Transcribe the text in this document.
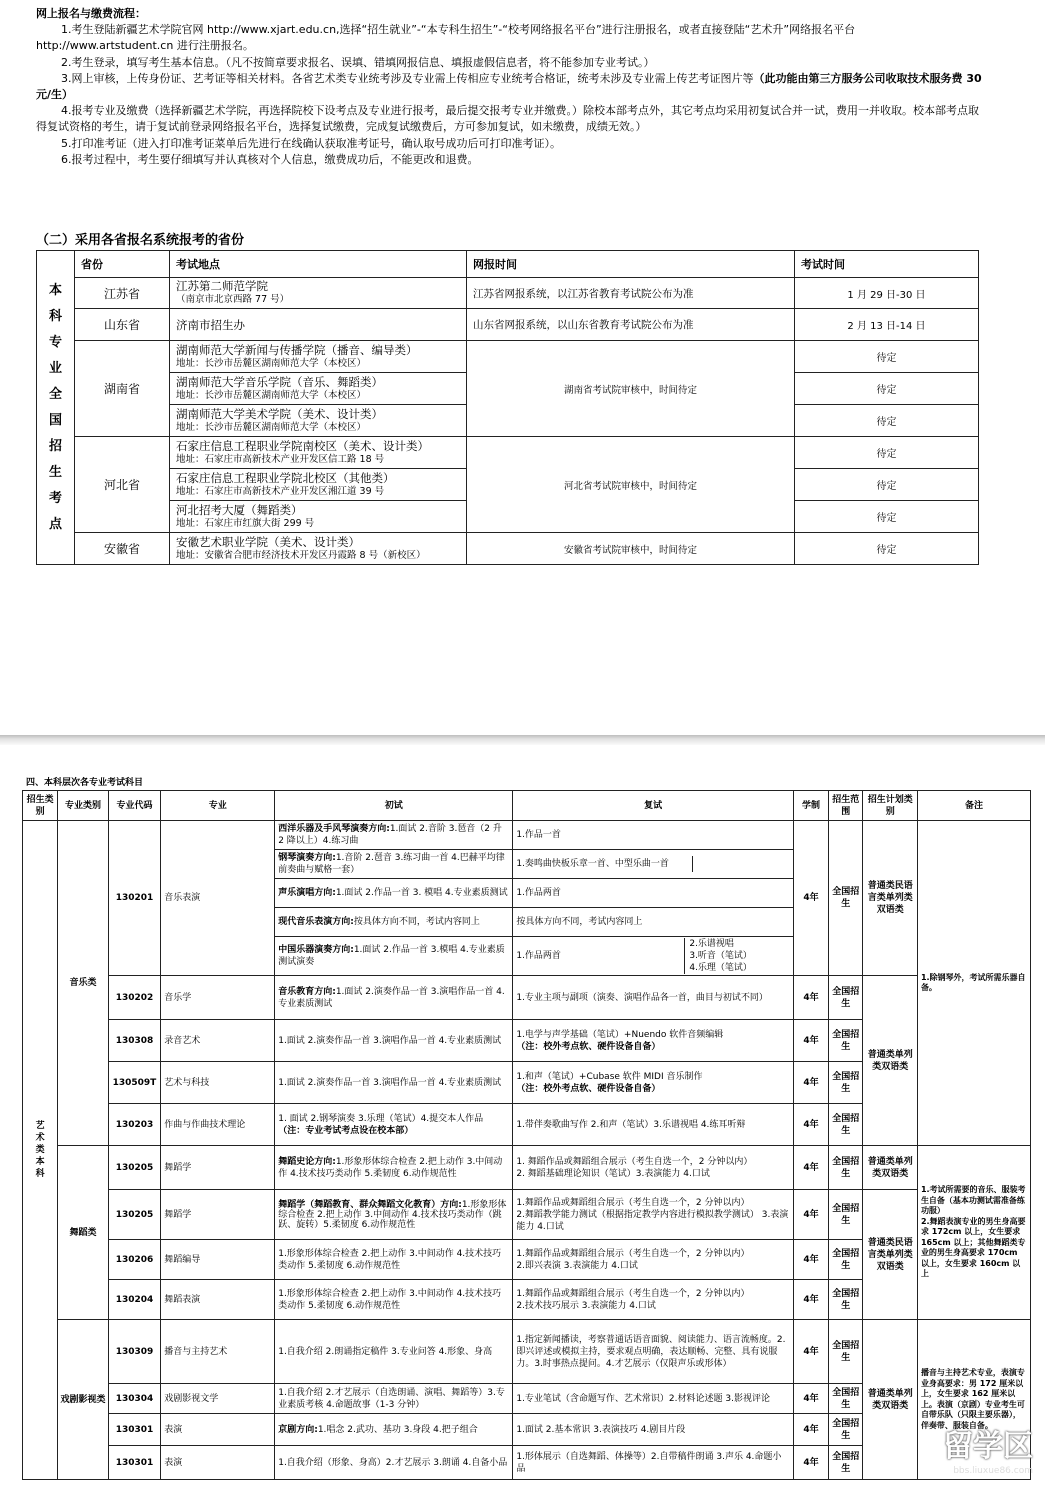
网上报名与缴费流程：
1.考生登陆新疆艺术学院官网 http://www.xjart.edu.cn,选择“招生就业”-“本专科生招生”-“校考网络报名平台”进行注册报名，或者直接登陆“艺术升”网络报名平台 http://www.artstudent.cn 进行注册报名。
2.考生登录，填写考生基本信息。（凡不按简章要求报名、误填、错填网报信息、填报虚假信息者，将不能参加专业考试。）
3.网上审核，上传身份证、艺考证等相关材料。各省艺术类专业统考涉及专业需上传相应专业统考合格证，统考未涉及专业需上传艺考证图片等（此功能由第三方服务公司收取技术服务费 30 元/生）
4.报考专业及缴费（选择新疆艺术学院，再选择院校下设考点及专业进行报考，最后提交报考专业并缴费。）除校本部考点外，其它考点均采用初复试合并一试，费用一并收取。校本部考点取得复试资格的考生，请于复试前登录网络报名平台，选择复试缴费，完成复试缴费后，方可参加复试，如未缴费，成绩无效。）
5.打印准考证（进入打印准考证菜单后先进行在线确认获取准考证号，确认取号成功后可打印准考证）。
6.报考过程中，考生要仔细填写并认真核对个人信息，缴费成功后，不能更改和退费。
（二）采用各省报名系统报考的省份
本科专业全国招生考点	省份	考试地点	网报时间	考试时间
	江苏省	江苏第二师范学院
（南京市北京西路 77 号）	江苏省网报系统，以江苏省教育考试院公布为准	1 月 29 日-30 日
	山东省	济南市招生办	山东省网报系统，以山东省教育考试院公布为准	2 月 13 日-14 日
	湖南省	湖南师范大学新闻与传播学院（播音、编导类）
地址：长沙市岳麓区湖南师范大学（本校区）	湖南省考试院审核中，时间待定	待定

		湖南师范大学音乐学院（音乐、舞蹈类）
地址：长沙市岳麓区湖南师范大学（本校区）		待定

		湖南师范大学美术学院（美术、设计类）
地址：长沙市岳麓区湖南师范大学（本校区）		待定
	河北省	石家庄信息工程职业学院南校区（美术、设计类）
地址：石家庄市高新技术产业开发区信工路 18 号	河北省考试院审核中，时间待定	待定

		石家庄信息工程职业学院北校区（其他类）
地址：石家庄市高新技术产业开发区湘江道 39 号		待定

		河北招考大厦（舞蹈类）
地址：石家庄市红旗大街 299 号		待定
	安徽省	安徽艺术职业学院（美术、设计类）
地址：安徽省合肥市经济技术开发区丹霞路 8 号（新校区）	安徽省考试院审核中，时间待定	待定
四、本科层次各专业考试科目
招生类别	专业类别	专业代码	专业	初试	复试	学制	招生范围	招生计划类别	备注

艺术类本科	音乐类	130201	音乐表演	西洋乐器及手风琴演奏方向:1.面试 2.音阶 3.琶音（2 升 2 降以上）4.练习曲	1.作品一首	4年	全国招生	普通类民语言类单列类双语类	1.除钢琴外，考试所需乐器自备。
				钢琴演奏方向:1.音阶 2.琶音 3.练习曲一首 4.巴赫平均律前奏曲与赋格一套）	1.奏鸣曲快板乐章一首、中型乐曲一首				

				声乐演唱方向:1.面试 2.作品一首 3. 模唱 4.专业素质测试	1.作品两首				
				现代音乐表演方向:按具体方向不同，考试内容同上	按具体方向不同，考试内容同上				
				中国乐器演奏方向:1.面试 2.作品一首 3.模唱 4.专业素质测试演奏	1.作品两首
2.乐谱视唱
3.听音（笔试）
4.乐理（笔试）				

		130202	音乐学	音乐教育方向:1.面试 2.演奏作品一首 3.演唱作品一首 4.专业素质测试	1.专业主项与副项（演奏、演唱作品各一首，曲目与初试不同）	4年	全国招生	普通类单列类双语类	
		130308	录音艺术	1.面试 2.演奏作品一首 3.演唱作品一首 4.专业素质测试	1.电学与声学基础（笔试）+Nuendo 软件音频编辑
（注：校外考点软、硬件设备自备）	4年	全国招生		
		130509T	艺术与科技	1.面试 2.演奏作品一首 3.演唱作品一首 4.专业素质测试	1.和声（笔试）+Cubase 软件 MIDI 音乐制作
（注：校外考点软、硬件设备自备）	4年	全国招生		
		130203	作曲与作曲技术理论	1. 面试 2.钢琴演奏 3.乐理（笔试）4.提交本人作品
（注：专业考试考点设在校本部）	1.带伴奏歌曲写作 2.和声（笔试）3.乐谱视唱 4.练耳听辩	4年	全国招生		
	舞蹈类	130205	舞蹈学	舞蹈史论方向:1.形象形体综合检查 2.把上动作 3.中间动作 4.技术技巧类动作 5.柔韧度 6.动作规范性	1. 舞蹈作品或舞蹈组合展示（考生自选一个，2 分钟以内）
2. 舞蹈基础理论知识（笔试）3.表演能力 4.口试	4年	全国招生	普通类单列类双语类	1.考试所需要的音乐、服装考生自备（基本功测试需准备练功服）
2.舞蹈表演专业的男生身高要求 172cm 以上，女生要求 165cm 以上；其他舞蹈类专业的男生身高要求 170cm 以上，女生要求 160cm 以上
		130205	舞蹈学	舞蹈学（舞蹈教育、群众舞蹈文化教育）方向:1.形象形体综合检查 2.把上动作 3.中间动作 4.技术技巧类动作（跳跃、旋转）5.柔韧度 6.动作规范性	1.舞蹈作品或舞蹈组合展示（考生自选一个，2 分钟以内）
2.舞蹈教学能力测试（根据指定教学内容进行模拟教学测试） 3.表演能力 4.口试	4年	全国招生	普通类民语言类单列类双语类	
		130206	舞蹈编导	1.形象形体综合检查 2.把上动作 3.中间动作 4.技术技巧类动作 5.柔韧度 6.动作规范性	1.舞蹈作品或舞蹈组合展示（考生自选一个，2 分钟以内）
2.即兴表演 3.表演能力 4.口试	4年	全国招生		
		130204	舞蹈表演	1.形象形体综合检查 2.把上动作 3.中间动作 4.技术技巧类动作 5.柔韧度 6.动作规范性	1.舞蹈作品或舞蹈组合展示（考生自选一个，2 分钟以内）
2.技术技巧展示 3.表演能力 4.口试	4年	全国招生		
	戏剧影视类	130309	播音与主持艺术	1.自我介绍 2.朗诵指定稿件 3.专业问答 4.形象、身高	1.指定新闻播读，考察普通话语音面貌、阅读能力、语言流畅度。2.即兴评述或模拟主持，要求观点明确，表达顺畅、完整、具有说服力。3.时事热点提问。4.才艺展示（仅限声乐或形体）	4年	全国招生	普通类单列类双语类	播音与主持艺术专业，表演专业身高要求：男 172 厘米以上，女生要求 162 厘米以上。表演（京剧）专业考生可自带乐队（只限主要乐器），伴奏带、服装自备。
		130304	戏剧影视文学	1.自我介绍 2.才艺展示（自选朗诵、演唱、舞蹈等）3.专业素质考核 4.命题故事（1-3 分钟）	1.专业笔试（含命题写作、艺术常识）2.材料论述题 3.影视评论	4年	全国招生		
		130301	表演	京剧方向:1.唱念 2.武功、基功 3.身段 4.把子组合	1.面试 2.基本常识 3.表演技巧 4.剧目片段	4年	全国招生		
		130301	表演	1.自我介绍（形象、身高）2.才艺展示 3.朗诵 4.自备小品	1.形体展示（自选舞蹈、体操等）2.自带稿件朗诵 3.声乐 4.命题小品	4年	全国招生		
留学区
bbs.liuxue86.com
